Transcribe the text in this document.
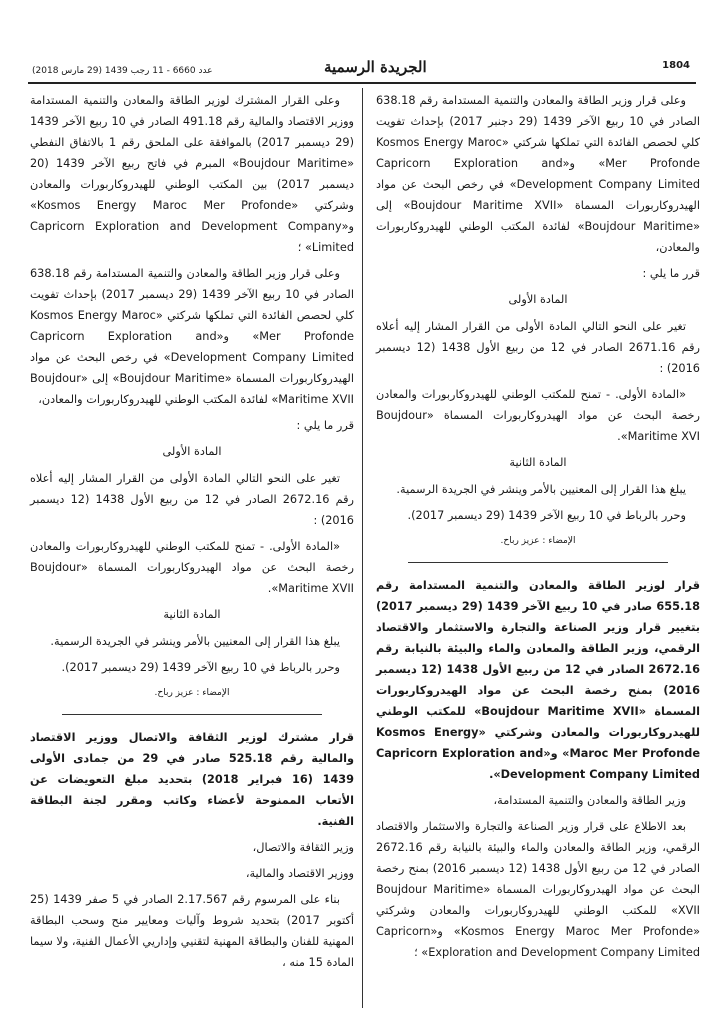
عدد 6660 - 11 رجب 1439 (29 مارس 2018)	الجريدة الرسمية	1804

وعلى قرار وزير الطاقة والمعادن والتنمية المستدامة رقم 638.18 الصادر في 10 ربيع الآخر 1439 (29 دجنبر 2017) بإحداث تفويت كلي لحصص الفائدة التي تملكها شركتي «Kosmos Energy Maroc Mer Profonde» و«Capricorn Exploration and Development Company Limited» في رخص البحث عن مواد الهيدروكاربورات المسماة «Boujdour Maritime XVII» إلى «Boujdour Maritime» لفائدة المكتب الوطني للهيدروكاربورات والمعادن،

قرر ما يلي :

المادة الأولى

تغير على النحو التالي المادة الأولى من القرار المشار إليه أعلاه رقم 2671.16 الصادر في 12 من ربيع الأول 1438 (12 ديسمبر 2016) :

«المادة الأولى. - تمنح للمكتب الوطني للهيدروكاربورات والمعادن رخصة البحث عن مواد الهيدروكاربورات المسماة «Boujdour Maritime XVI».

المادة الثانية

يبلغ هذا القرار إلى المعنيين بالأمر وينشر في الجريدة الرسمية.

وحرر بالرباط في 10 ربيع الآخر 1439 (29 ديسمبر 2017).

الإمضاء : عزيز رباح.

قرار لوزير الطاقة والمعادن والتنمية المستدامة رقم 655.18 صادر في 10 ربيع الآخر 1439 (29 ديسمبر 2017) بتغيير قرار وزير الصناعة والتجارة والاستثمار والاقتصاد الرقمي، وزير الطاقة والمعادن والماء والبيئة بالنيابة رقم 2672.16 الصادر في 12 من ربيع الأول 1438 (12 ديسمبر 2016) بمنح رخصة البحث عن مواد الهيدروكاربورات المسماة «Boujdour Maritime XVII» للمكتب الوطني للهيدروكاربورات والمعادن وشركتي «Kosmos Energy Maroc Mer Profonde» و«Capricorn Exploration and Development Company Limited».

وزير الطاقة والمعادن والتنمية المستدامة،

بعد الاطلاع على قرار وزير الصناعة والتجارة والاستثمار والاقتصاد الرقمي، وزير الطاقة والمعادن والماء والبيئة بالنيابة رقم 2672.16 الصادر في 12 من ربيع الأول 1438 (12 ديسمبر 2016) بمنح رخصة البحث عن مواد الهيدروكاربورات المسماة «Boujdour Maritime XVII» للمكتب الوطني للهيدروكاربورات والمعادن وشركتي «Kosmos Energy Maroc Mer Profonde» و«Capricorn Exploration and Development Company Limited» ؛

وعلى القرار المشترك لوزير الطاقة والمعادن والتنمية المستدامة ووزير الاقتصاد والمالية رقم 491.18 الصادر في 10 ربيع الآخر 1439 (29 ديسمبر 2017) بالموافقة على الملحق رقم 1 بالاتفاق النفطي «Boujdour Maritime» المبرم في فاتح ربيع الآخر 1439 (20 ديسمبر 2017) بين المكتب الوطني للهيدروكاربورات والمعادن وشركتي «Kosmos Energy Maroc Mer Profonde» و«Capricorn Exploration and Development Company Limited» ؛

وعلى قرار وزير الطاقة والمعادن والتنمية المستدامة رقم 638.18 الصادر في 10 ربيع الآخر 1439 (29 ديسمبر 2017) بإحداث تفويت كلي لحصص الفائدة التي تملكها شركتي «Kosmos Energy Maroc Mer Profonde» و«Capricorn Exploration and Development Company Limited» في رخص البحث عن مواد الهيدروكاربورات المسماة «Boujdour Maritime» إلى «Boujdour Maritime XVII» لفائدة المكتب الوطني للهيدروكاربورات والمعادن،

قرر ما يلي :

المادة الأولى

تغير على النحو التالي المادة الأولى من القرار المشار إليه أعلاه رقم 2672.16 الصادر في 12 من ربيع الأول 1438 (12 ديسمبر 2016) :

«المادة الأولى. - تمنح للمكتب الوطني للهيدروكاربورات والمعادن رخصة البحث عن مواد الهيدروكاربورات المسماة «Boujdour Maritime XVII».

المادة الثانية

يبلغ هذا القرار إلى المعنيين بالأمر وينشر في الجريدة الرسمية.

وحرر بالرباط في 10 ربيع الآخر 1439 (29 ديسمبر 2017).

الإمضاء : عزيز رباح.

قرار مشترك لوزير الثقافة والاتصال ووزير الاقتصاد والمالية رقم 525.18 صادر في 29 من جمادى الأولى 1439 (16 فبراير 2018) بتحديد مبلغ التعويضات عن الأتعاب الممنوحة لأعضاء وكاتب ومقرر لجنة البطاقة الفنية.

وزير الثقافة والاتصال،

ووزير الاقتصاد والمالية،

بناء على المرسوم رقم 2.17.567 الصادر في 5 صفر 1439 (25 أكتوبر 2017) بتحديد شروط وآليات ومعايير منح وسحب البطاقة المهنية للفنان والبطاقة المهنية لتقنيي وإداريي الأعمال الفنية، ولا سيما المادة 15 منه ،
